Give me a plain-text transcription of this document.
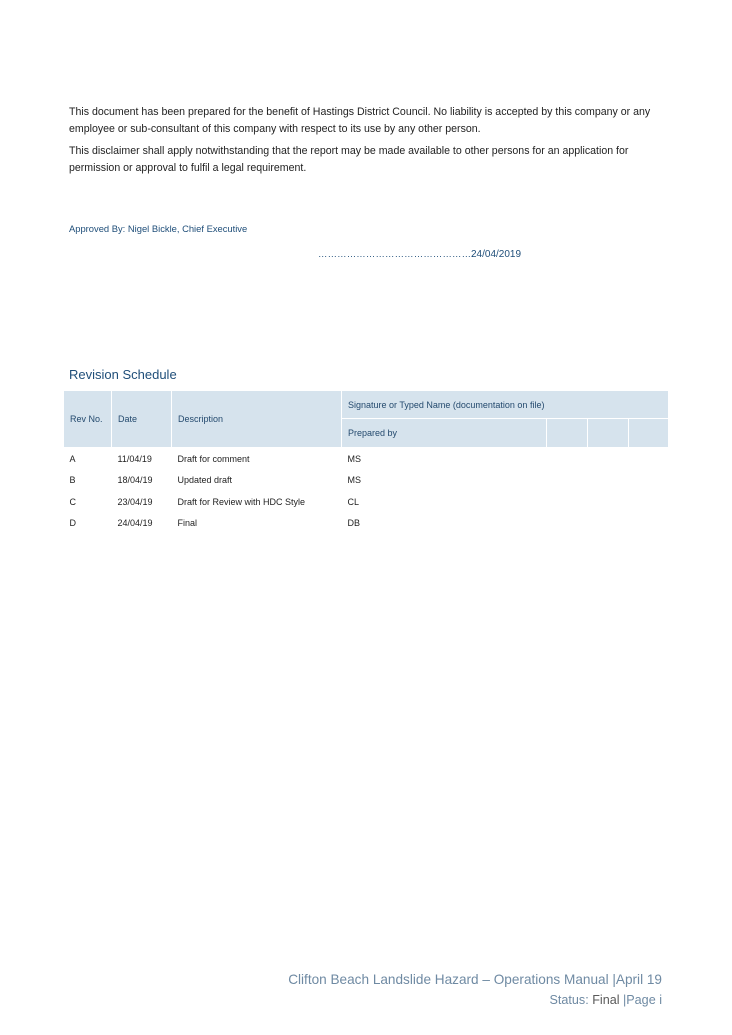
This document has been prepared for the benefit of Hastings District Council. No liability is accepted by this company or any employee or sub-consultant of this company with respect to its use by any other person.

This disclaimer shall apply notwithstanding that the report may be made available to other persons for an application for permission or approval to fulfil a legal requirement.

Approved By: Nigel Bickle, Chief Executive
………………………………………….
24/04/2019
Revision Schedule
Rev No.	Date	Description	Signature or Typed Name (documentation on file)			
			Prepared by			
A	11/04/19	Draft for comment	MS			
B	18/04/19	Updated draft	MS			
C	23/04/19	Draft for Review with HDC Style	CL			
D	24/04/19	Final	DB			
Clifton Beach Landslide Hazard – Operations Manual |April 19
Status: Final |Page i
